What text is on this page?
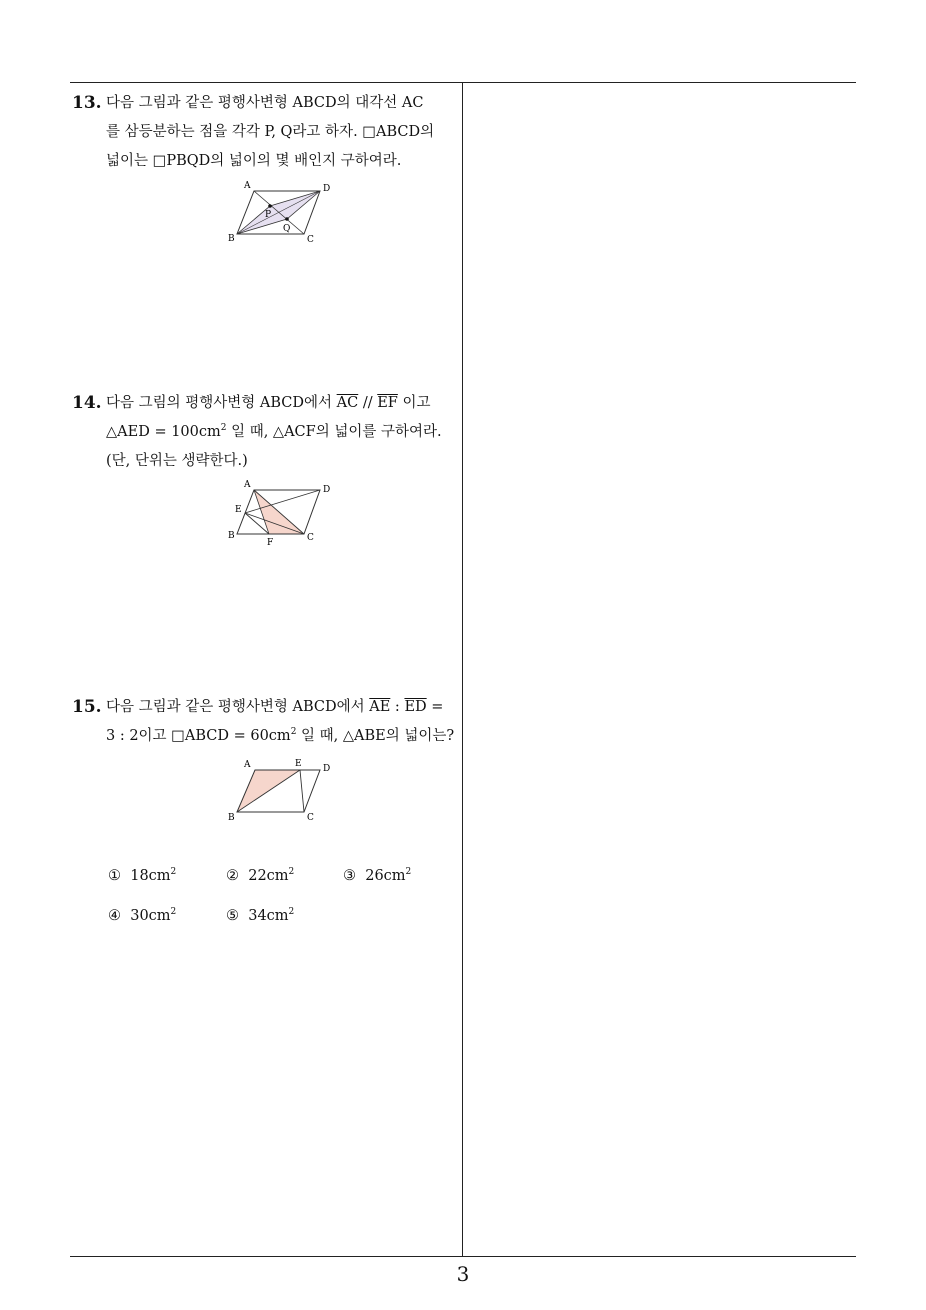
13. 다음 그림과 같은 평행사변형 ABCD의 대각선 AC
를 삼등분하는 점을 각각 P, Q라고 하자. □ABCD의
넓이는 □PBQD의 넓이의 몇 배인지 구하여라.
A	D
B	C
P
Q
14. 다음 그림의 평행사변형 ABCD에서 $\overline{AC} // \overline{EF}$ 이고
△AED = $100cm^2$ 일 때, △ACF의 넓이를 구하여라.
(단, 단위는 생략한다.)
A	D
E
B
F	C
15. 다음 그림과 같은 평행사변형 ABCD에서 $\overline{AE}$ : $\overline{ED}$ =
3 : 2이고 □ABCD = $60cm^2$ 일 때, △ABE의 넓이는?
A	E D
B	C
① $18cm^2$	② $22cm^2$	③ $26cm^2$
④ $30cm^2$	⑤ $34cm^2$
3
